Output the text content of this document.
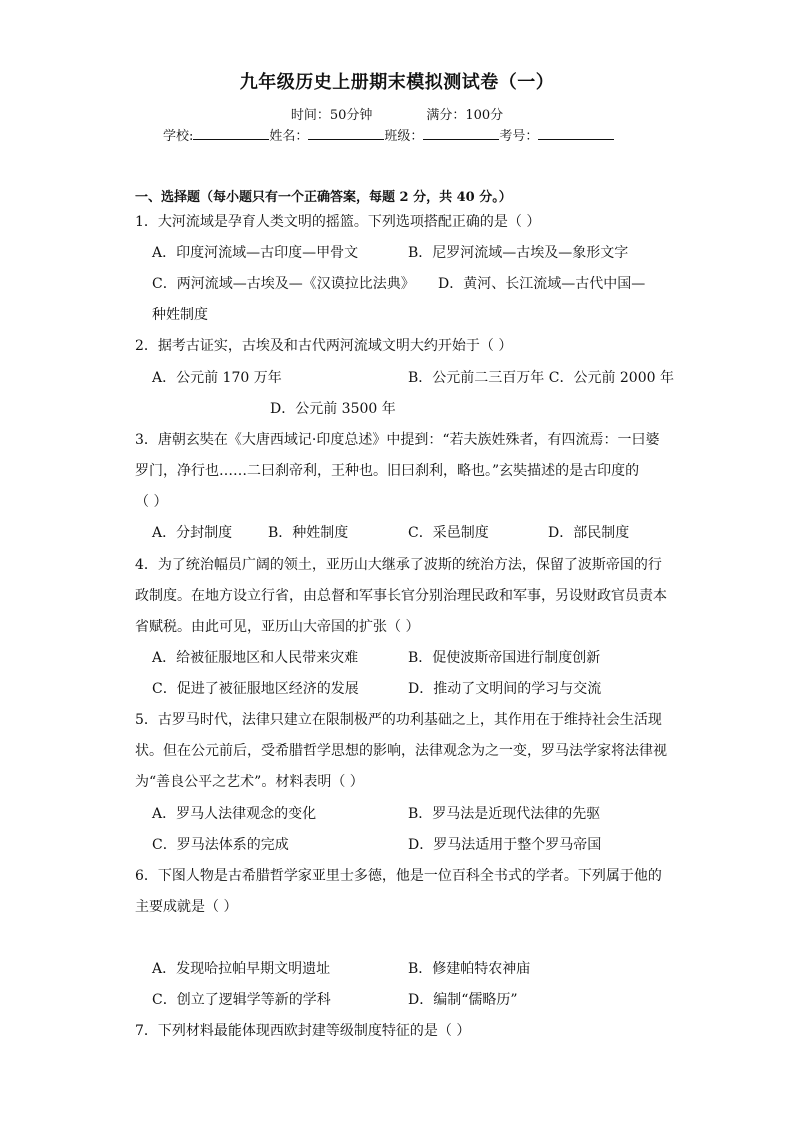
九年级历史上册期末模拟测试卷（一）
时间：50分钟	满分：100分
学校:	姓名：	班级：	考号：
一、选择题（每小题只有一个正确答案，每题 2 分，共 40 分。）
1．大河流域是孕育人类文明的摇篮。下列选项搭配正确的是（ ）
A．印度河流域—古印度—甲骨文	B．尼罗河流域—古埃及—象形文字
C．两河流域—古埃及—《汉谟拉比法典》 D．黄河、长江流域—古代中国—
种姓制度
2．据考古证实，古埃及和古代两河流域文明大约开始于（ ）
A．公元前 170 万年	B．公元前二三百万年 C．公元前 2000 年
D．公元前 3500 年
3．唐朝玄奘在《大唐西域记·印度总述》中提到：“若夫族姓殊者，有四流焉：一曰婆
罗门，净行也……二曰刹帝利，王种也。旧曰刹利，略也。”玄奘描述的是古印度的
（ ）
A．分封制度	B．种姓制度	C．采邑制度	D．部民制度
4．为了统治幅员广阔的领土，亚历山大继承了波斯的统治方法，保留了波斯帝国的行
政制度。在地方设立行省，由总督和军事长官分别治理民政和军事，另设财政官员责本
省赋税。由此可见，亚历山大帝国的扩张（ ）
A．给被征服地区和人民带来灾难	B．促使波斯帝国进行制度创新
C．促进了被征服地区经济的发展	D．推动了文明间的学习与交流
5．古罗马时代，法律只建立在限制极严的功利基础之上，其作用在于维持社会生活现
状。但在公元前后，受希腊哲学思想的影响，法律观念为之一变，罗马法学家将法律视
为“善良公平之艺术”。材料表明（ ）
A．罗马人法律观念的变化	B．罗马法是近现代法律的先驱
C．罗马法体系的完成	D．罗马法适用于整个罗马帝国
6．下图人物是古希腊哲学家亚里士多德，他是一位百科全书式的学者。下列属于他的
主要成就是（ ）
A．发现哈拉帕早期文明遗址	B．修建帕特农神庙
C．创立了逻辑学等新的学科	D．编制“儒略历”
7．下列材料最能体现西欧封建等级制度特征的是（ ）
